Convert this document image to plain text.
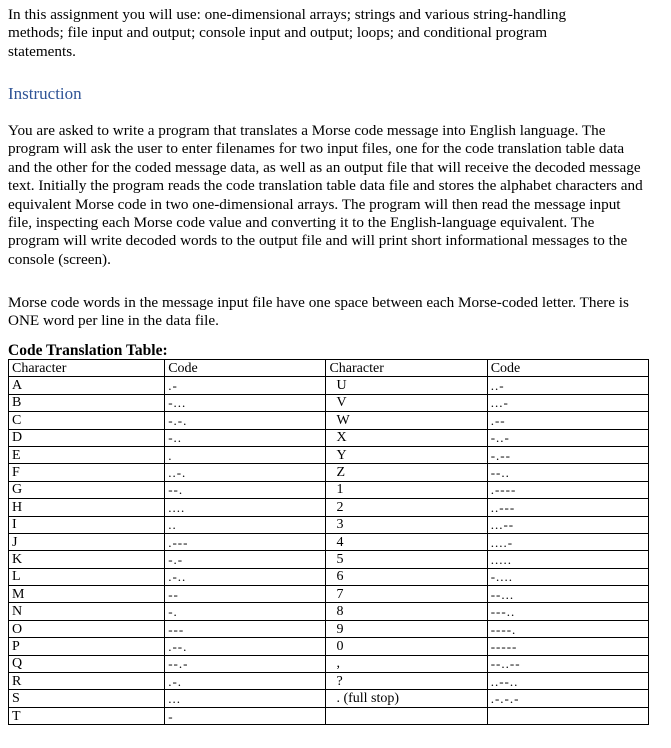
In this assignment you will use: one-dimensional arrays; strings and various string-handling methods; file input and output; console input and output; loops; and conditional program statements.

Instruction

You are asked to write a program that translates a Morse code message into English language. The program will ask the user to enter filenames for two input files, one for the code translation table data and the other for the coded message data, as well as an output file that will receive the decoded message text. Initially the program reads the code translation table data file and stores the alphabet characters and equivalent Morse code in two one-dimensional arrays. The program will then read the message input file, inspecting each Morse code value and converting it to the English-language equivalent. The program will write decoded words to the output file and will print short informational messages to the console (screen).

Morse code words in the message input file have one space between each Morse-coded letter. There is ONE word per line in the data file.

Code Translation Table:

Character	Code	Character	Code
A	.-	U	..-
B	-...	V	...-
C	-.-.	W	.--
D	-..	X	-..-
E	.	Y	-.--
F	..-.	Z	--..
G	--.	1	.----
H	....	2	..---
I	..	3	...--
J	.---	4	....-
K	-.-	5	.....
L	.-..	6	-....
M	--	7	--...
N	-.	8	---..
O	---	9	----.
P	.--.	0	-----
Q	--.-	,	--..--
R	.-.	?	..--..
S	...	. (full stop)	.-.-.-
T	-		
